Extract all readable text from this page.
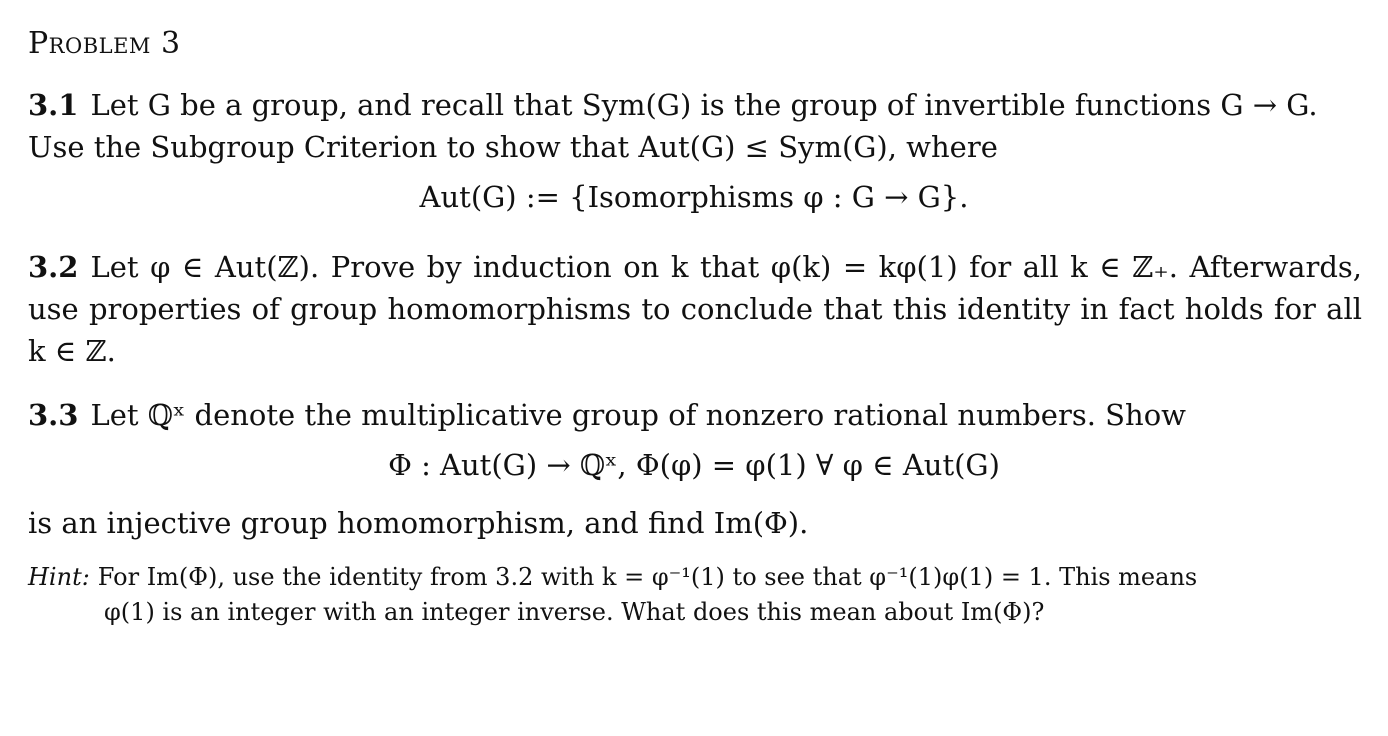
Problem 3
3.1 Let G be a group, and recall that Sym(G) is the group of invertible functions G → G.
Use the Subgroup Criterion to show that Aut(G) ≤ Sym(G), where
Aut(G) := {Isomorphisms φ : G → G}.
3.2 Let φ ∈ Aut(ℤ). Prove by induction on k that φ(k) = kφ(1) for all k ∈ ℤ₊. Afterwards, use properties of group homomorphisms to conclude that this identity in fact holds for all k ∈ ℤ.
3.3 Let ℚˣ denote the multiplicative group of nonzero rational numbers. Show
Φ : Aut(G) → ℚˣ, Φ(φ) = φ(1) ∀ φ ∈ Aut(G)
is an injective group homomorphism, and find Im(Φ).
Hint: For Im(Φ), use the identity from 3.2 with k = φ⁻¹(1) to see that φ⁻¹(1)φ(1) = 1. This means
φ(1) is an integer with an integer inverse. What does this mean about Im(Φ)?
